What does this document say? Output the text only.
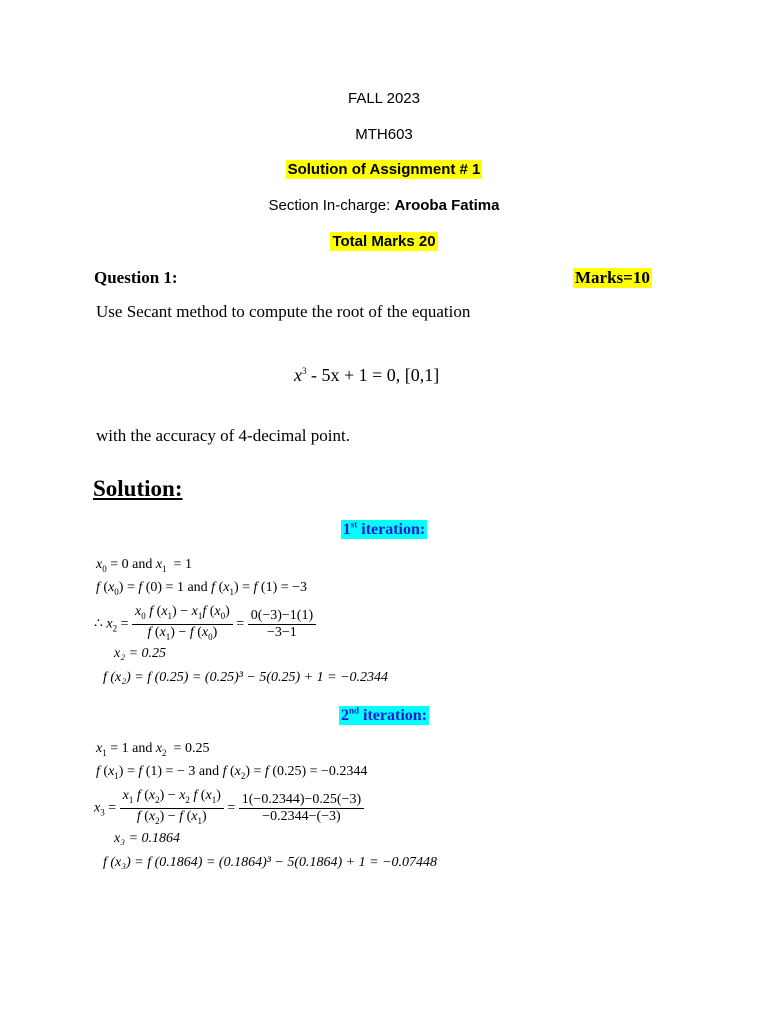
FALL 2023
MTH603
Solution of Assignment # 1
Section In-charge: Arooba Fatima
Total Marks 20
Question 1:	Marks=10
Use Secant method to compute the root of the equation
$x^3 - 5x + 1 = 0$, [0,1]
with the accuracy of 4-decimal point.
Solution:
1st iteration:
$x_0 = 0$ and $x_1 = 1$
f $(x_0) = f$ (0) = 1 and f $(x_1) = f$ (1) = −3
∴ $x_2 = \frac{x_0 f (x_1) - x_1f (x_0)}{f (x_1) - f (x_0)} = \frac{0(-3)-1(1)}{-3-1}$
x₂ = 0.25
f (x₂) = f (0.25) = (0.25)³ − 5(0.25) + 1 = −0.2344
2nd iteration:
$x_1 = 1$ and $x_2 = 0.25$
f $(x_1) = f$ (1) = − 3 and f $(x_2) = f$ (0.25) = −0.2344
$x_3 = \frac{x_1 f (x_2) - x_2 f (x_1)}{f (x_2) - f (x_1)} = \frac{1(-0.2344)-0.25(-3)}{-0.2344-(-3)}$
x₃ = 0.1864
f (x₃) = f (0.1864) = (0.1864)³ − 5(0.1864) + 1 = −0.07448
